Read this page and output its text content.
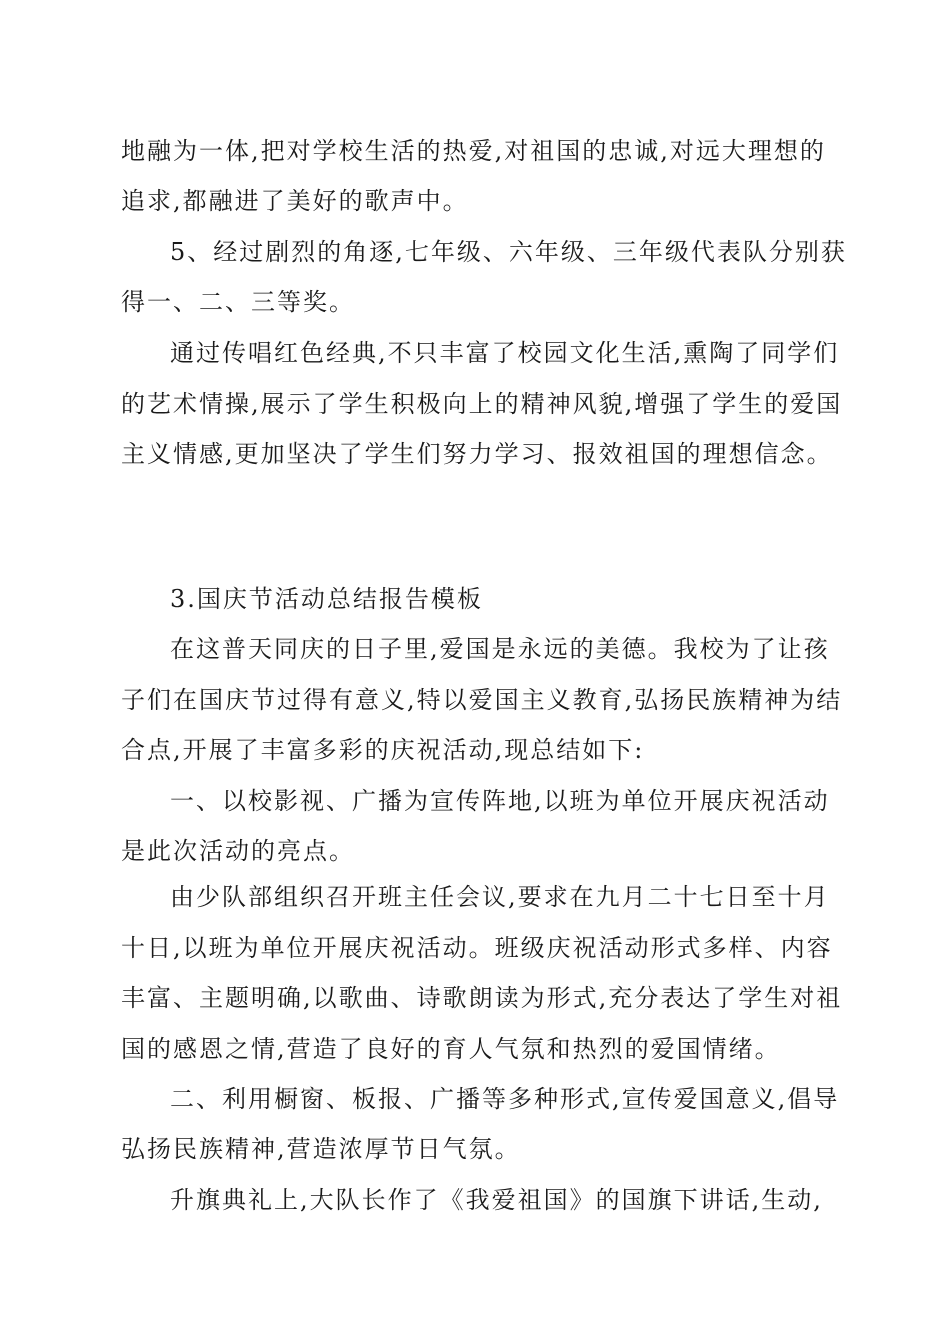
地融为一体,把对学校生活的热爱,对祖国的忠诚,对远大理想的
追求,都融进了美好的歌声中。
5、经过剧烈的角逐,七年级、六年级、三年级代表队分别获
得一、二、三等奖。
通过传唱红色经典,不只丰富了校园文化生活,熏陶了同学们
的艺术情操,展示了学生积极向上的精神风貌,增强了学生的爱国
主义情感,更加坚决了学生们努力学习、报效祖国的理想信念。
3.国庆节活动总结报告模板
在这普天同庆的日子里,爱国是永远的美德。我校为了让孩
子们在国庆节过得有意义,特以爱国主义教育,弘扬民族精神为结
合点,开展了丰富多彩的庆祝活动,现总结如下:
一、以校影视、广播为宣传阵地,以班为单位开展庆祝活动
是此次活动的亮点。
由少队部组织召开班主任会议,要求在九月二十七日至十月
十日,以班为单位开展庆祝活动。班级庆祝活动形式多样、内容
丰富、主题明确,以歌曲、诗歌朗读为形式,充分表达了学生对祖
国的感恩之情,营造了良好的育人气氛和热烈的爱国情绪。
二、利用橱窗、板报、广播等多种形式,宣传爱国意义,倡导
弘扬民族精神,营造浓厚节日气氛。
升旗典礼上,大队长作了《我爱祖国》的国旗下讲话,生动,
